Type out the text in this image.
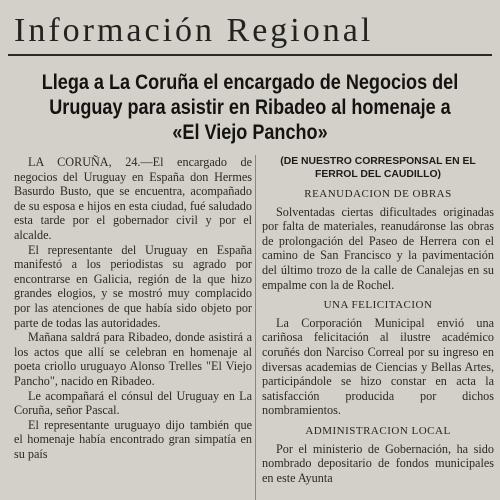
Información Regional
Llega a La Coruña el encargado de Negocios del Uruguay para asistir en Ribadeo al homenaje a «El Viejo Pancho»

LA CORUÑA, 24.—El encargado de negocios del Uruguay en España don Hermes Basurdo Busto, que se encuentra, acompañado de su esposa e hijos en esta ciudad, fué saludado esta tarde por el gobernador civil y por el alcalde.

El representante del Uruguay en España manifestó a los periodistas su agrado por encontrarse en Galicia, región de la que hizo grandes elogios, y se mostró muy complacido por las atenciones de que había sido objeto por parte de todas las autoridades.

Mañana saldrá para Ribadeo, donde asistirá a los actos que allí se celebran en homenaje al poeta criollo uruguayo Alonso Trelles "El Viejo Pancho", nacido en Ribadeo.

Le acompañará el cónsul del Uruguay en La Coruña, señor Pascal.

El representante uruguayo dijo también que el homenaje había encontrado gran simpatía en su país

(DE NUESTRO CORRESPONSAL EN EL FERROL DEL CAUDILLO)
REANUDACION DE OBRAS

Solventadas ciertas dificultades originadas por falta de materiales, reanudáronse las obras de prolongación del Paseo de Herrera con el camino de San Francisco y la pavimentación del último trozo de la calle de Canalejas en su empalme con la de Rochel.

UNA FELICITACION

La Corporación Municipal envió una cariñosa felicitación al ilustre académico coruñés don Narciso Correal por su ingreso en diversas academias de Ciencias y Bellas Artes, participándole se hizo constar en acta la satisfacción producida por dichos nombramientos.

ADMINISTRACION LOCAL

Por el ministerio de Gobernación, ha sido nombrado depositario de fondos municipales en este Ayunta
